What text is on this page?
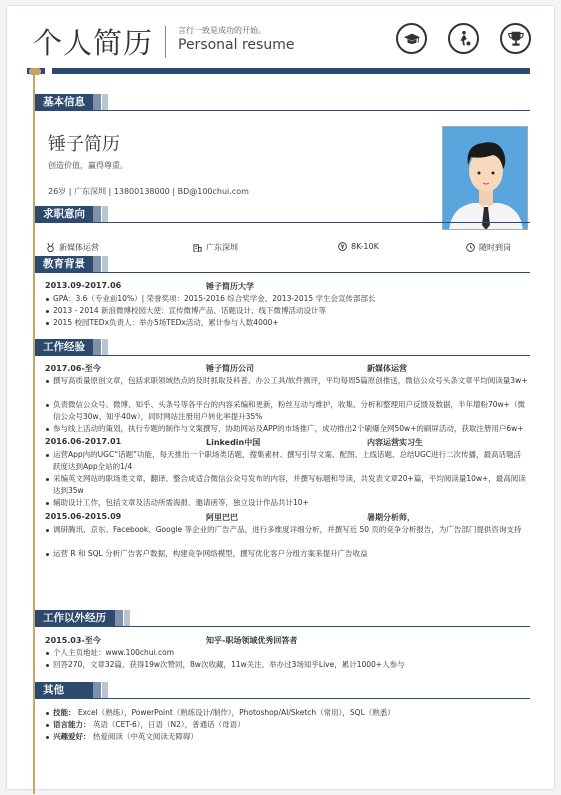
个人简历	言行一致是成功的开始。
Personal resume
基本信息
锤子简历
创造价值，赢得尊重。
26岁 | 广东深圳 | 13800138000 | BD@100chui.com
求职意向
新媒体运营	广东深圳	8K-10K	随时到岗
教育背景
2013.09-2017.06	锤子简历大学
GPA：3.6（专业前10%）| 荣誉奖项：2015-2016 综合奖学金、2013-2015 学生会宣传部部长
2013 - 2014 新浪微博校园大使：宣传微博产品、话题设计、线下微博活动设计等
2015 校园TEDx负责人：举办5场TEDx活动，累计参与人数4000+
工作经验
2017.06-至今	锤子简历公司	新媒体运营
撰写高质量原创文章，包括求职领域热点的及时抓取及科普、办公工具/软件测评，平均每周5篇原创推送，微信公众号头条文章平均阅读量3w+
负责微信公众号、微博、知乎、头条号等各平台的内容采编和更新，粉丝互动与维护，收集、分析和整理用户反馈及数据，半年增粉70w+（微信公众号30w、知乎40w），同时网站注册用户转化率提升35%
参与线上活动的策划，执行专题的制作与文案撰写，协助网站及APP的市场推广，成功推出2个刷爆全网50w+的刷屏活动，获取注册用户6w+
2016.06-2017.01	Linkedin中国	内容运营实习生
运营App内的UGC“话题”功能，每天推出一个职场类话题，搜集素材、撰写引导文案、配图、上线话题、总结UGC进行二次传播，最高话题活跃度达到App全站的1/4
采编英文网站的职场类文章，翻译、整合成适合微信公众号发布的内容，并撰写标题和导读，共发表文章20+篇，平均阅读量10w+，最高阅读达到35w
辅助设计工作，包括文章及活动所需海报、邀请函等，独立设计作品共计10+
2015.06-2015.09	阿里巴巴	暑期分析师，
调研腾讯、京东、Facebook、Google 等企业的广告产品，进行多维度详细分析，并撰写近 50 页的竞争分析报告，为广告部门提供咨询支持
运营 R 和 SQL 分析广告客户数据，构建竞争网络模型，撰写优化客户分组方案来提升广告收益
工作以外经历
2015.03-至今	知乎-职场领域优秀回答者
个人主页地址：www.100chui.com
回答270，文章32篇，获得19w次赞同，8w次收藏，11w关注，举办过3场知乎Live，累计1000+人参与
其他
技能： Excel（熟练），PowerPoint（熟练设计/制作），Photoshop/AI/Sketch（常用），SQL（熟悉）
语言能力： 英语（CET-6），日语（N2），普通话（母语）
兴趣爱好： 热爱阅读（中英文阅读无障碍）
